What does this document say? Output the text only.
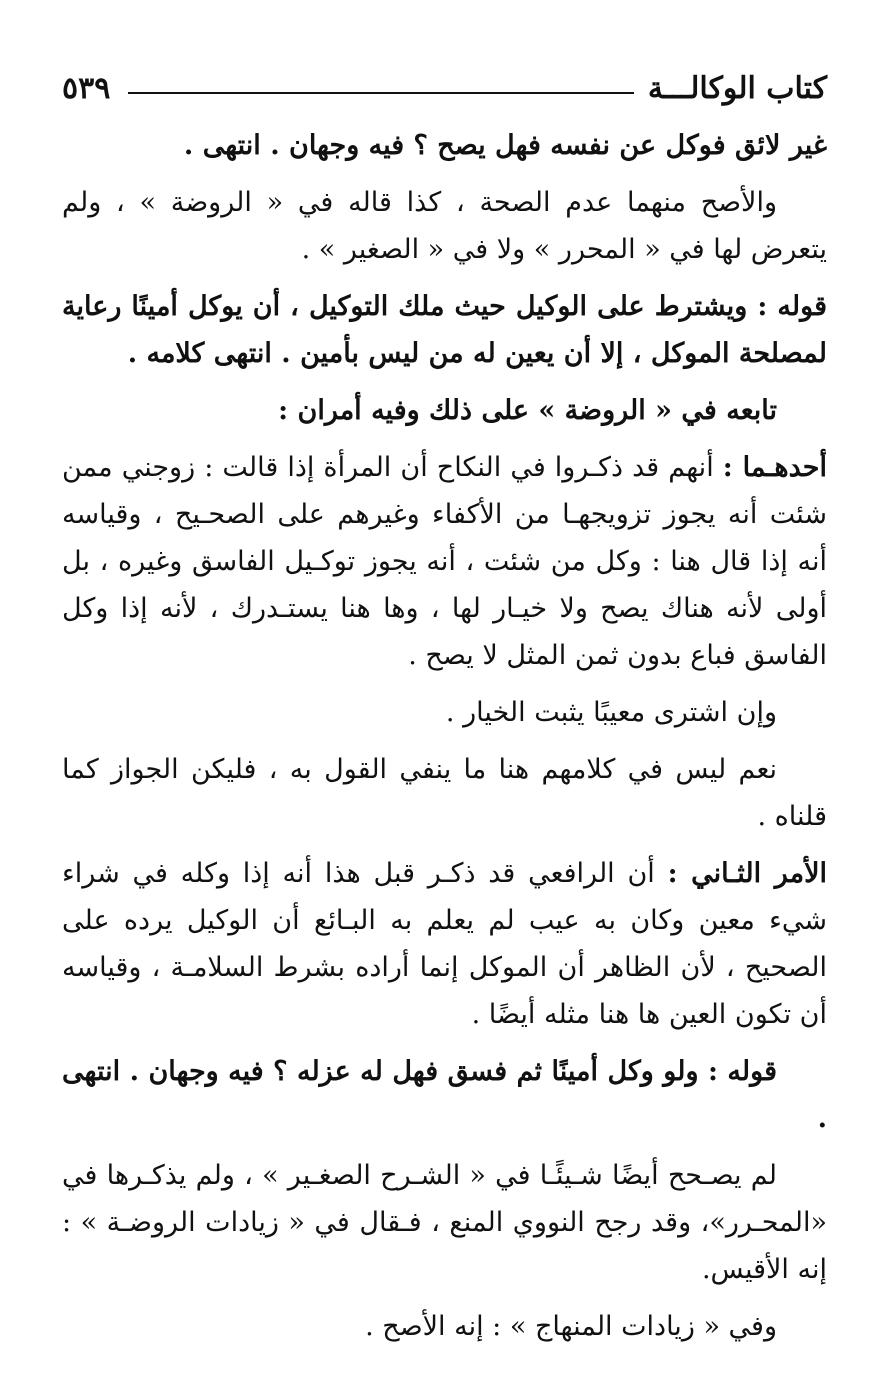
كتاب الوكالـــة
٥٣٩

غير لائق فوكل عن نفسه فهل يصح ؟ فيه وجهان . انتهى .

والأصح منهما عدم الصحة ، كذا قاله في « الروضة » ، ولم يتعرض لها في « المحرر » ولا في « الصغير » .

قوله : ويشترط على الوكيل حيث ملك التوكيل ، أن يوكل أمينًا رعاية لمصلحة الموكل ، إلا أن يعين له من ليس بأمين . انتهى كلامه .

تابعه في « الروضة » على ذلك وفيه أمران :

أحدهـما : أنهم قد ذكـروا في النكاح أن المرأة إذا قالت : زوجني ممن شئت أنه يجوز تزويجهـا من الأكفاء وغيرهم على الصحـيح ، وقياسه أنه إذا قال هنا : وكل من شئت ، أنه يجوز توكـيل الفاسق وغيره ، بل أولى لأنه هناك يصح ولا خيـار لها ، وها هنا يستـدرك ، لأنه إذا وكل الفاسق فباع بدون ثمن المثل لا يصح .

وإن اشترى معيبًا يثبت الخيار .

نعم ليس في كلامهم هنا ما ينفي القول به ، فليكن الجواز كما قلناه .

الأمر الثـاني : أن الرافعي قد ذكـر قبل هذا أنه إذا وكله في شراء شيء معين وكان به عيب لم يعلم به البـائع أن الوكيل يرده على الصحيح ، لأن الظاهر أن الموكل إنما أراده بشرط السلامـة ، وقياسه أن تكون العين ها هنا مثله أيضًا .

قوله : ولو وكل أمينًا ثم فسق فهل له عزله ؟ فيه وجهان . انتهى .

لم يصـحح أيضًا شـيئًـا في « الشـرح الصغـير » ، ولم يذكـرها في «المحـرر»، وقد رجح النووي المنع ، فـقال في « زيادات الروضـة » : إنه الأقيس.

وفي « زيادات المنهاج » : إنه الأصح .
